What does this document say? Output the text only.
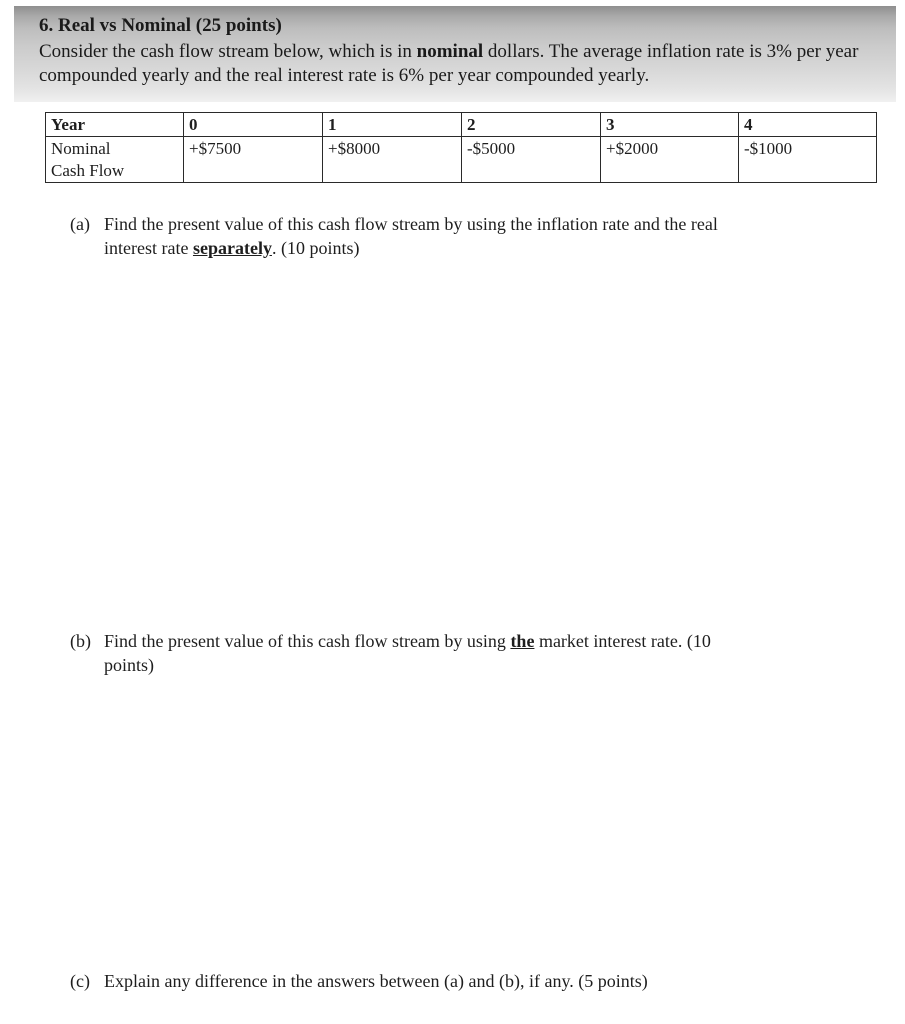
6. Real vs Nominal (25 points)
Consider the cash flow stream below, which is in nominal dollars. The average inflation rate is 3% per year compounded yearly and the real interest rate is 6% per year compounded yearly.
Year	0	1	2	3	4
Nominal
Cash Flow	+$7500	+$8000	-$5000	+$2000	-$1000
(a) Find the present value of this cash flow stream by using the inflation rate and the real
interest rate separately. (10 points)
(b) Find the present value of this cash flow stream by using the market interest rate. (10
points)
(c) Explain any difference in the answers between (a) and (b), if any. (5 points)
